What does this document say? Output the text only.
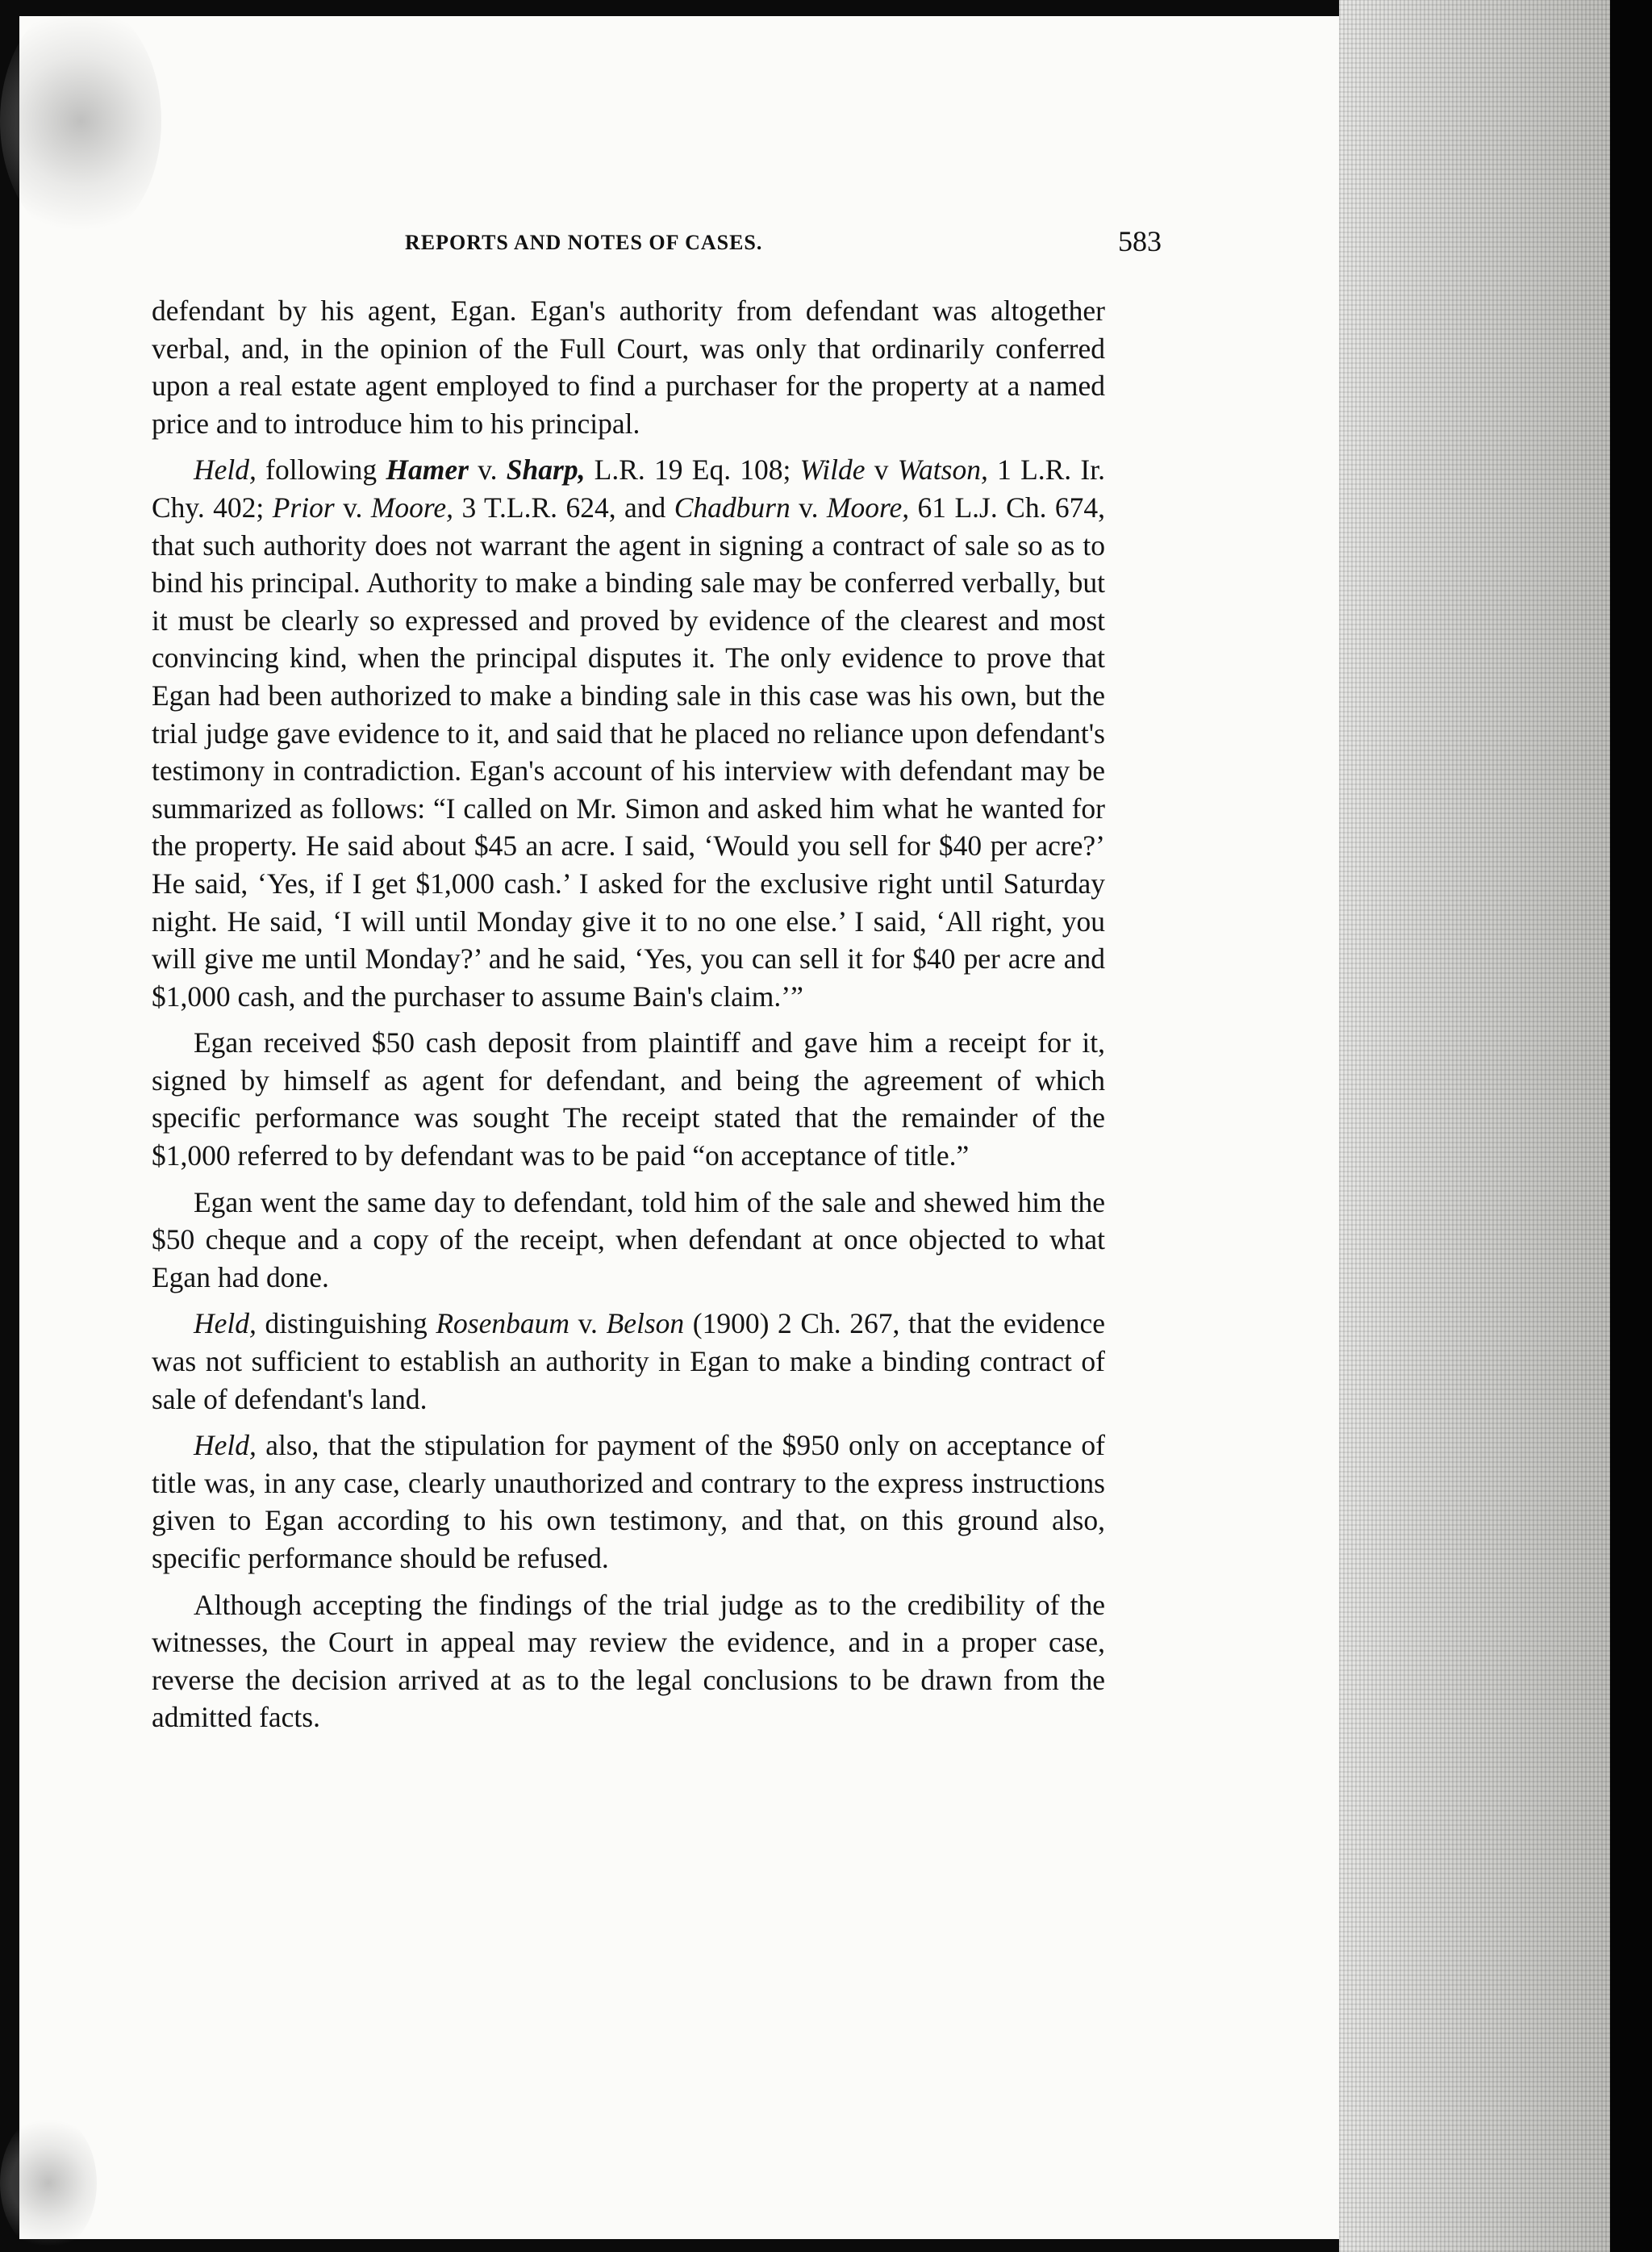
REPORTS AND NOTES OF CASES.	583

defendant by his agent, Egan. Egan's authority from defendant was altogether verbal, and, in the opinion of the Full Court, was only that ordinarily conferred upon a real estate agent employed to find a purchaser for the property at a named price and to introduce him to his principal.

Held, following Hamer v. Sharp, L.R. 19 Eq. 108; Wilde v Watson, 1 L.R. Ir. Chy. 402; Prior v. Moore, 3 T.L.R. 624, and Chadburn v. Moore, 61 L.J. Ch. 674, that such authority does not warrant the agent in signing a contract of sale so as to bind his principal. Authority to make a binding sale may be conferred verbally, but it must be clearly so expressed and proved by evidence of the clearest and most convincing kind, when the principal disputes it. The only evidence to prove that Egan had been authorized to make a binding sale in this case was his own, but the trial judge gave evidence to it, and said that he placed no reliance upon defendant's testimony in contradiction. Egan's account of his interview with defendant may be summarized as follows: “I called on Mr. Simon and asked him what he wanted for the property. He said about $45 an acre. I said, ‘Would you sell for $40 per acre?’ He said, ‘Yes, if I get $1,000 cash.’ I asked for the exclusive right until Saturday night. He said, ‘I will until Monday give it to no one else.’ I said, ‘All right, you will give me until Monday?’ and he said, ‘Yes, you can sell it for $40 per acre and $1,000 cash, and the purchaser to assume Bain's claim.’”

Egan received $50 cash deposit from plaintiff and gave him a receipt for it, signed by himself as agent for defendant, and being the agreement of which specific performance was sought The receipt stated that the remainder of the $1,000 referred to by defendant was to be paid “on acceptance of title.”

Egan went the same day to defendant, told him of the sale and shewed him the $50 cheque and a copy of the receipt, when defendant at once objected to what Egan had done.

Held, distinguishing Rosenbaum v. Belson (1900) 2 Ch. 267, that the evidence was not sufficient to establish an authority in Egan to make a binding contract of sale of defendant's land.

Held, also, that the stipulation for payment of the $950 only on acceptance of title was, in any case, clearly unauthorized and contrary to the express instructions given to Egan according to his own testimony, and that, on this ground also, specific performance should be refused.

Although accepting the findings of the trial judge as to the credibility of the witnesses, the Court in appeal may review the evidence, and in a proper case, reverse the decision arrived at as to the legal conclusions to be drawn from the admitted facts.
